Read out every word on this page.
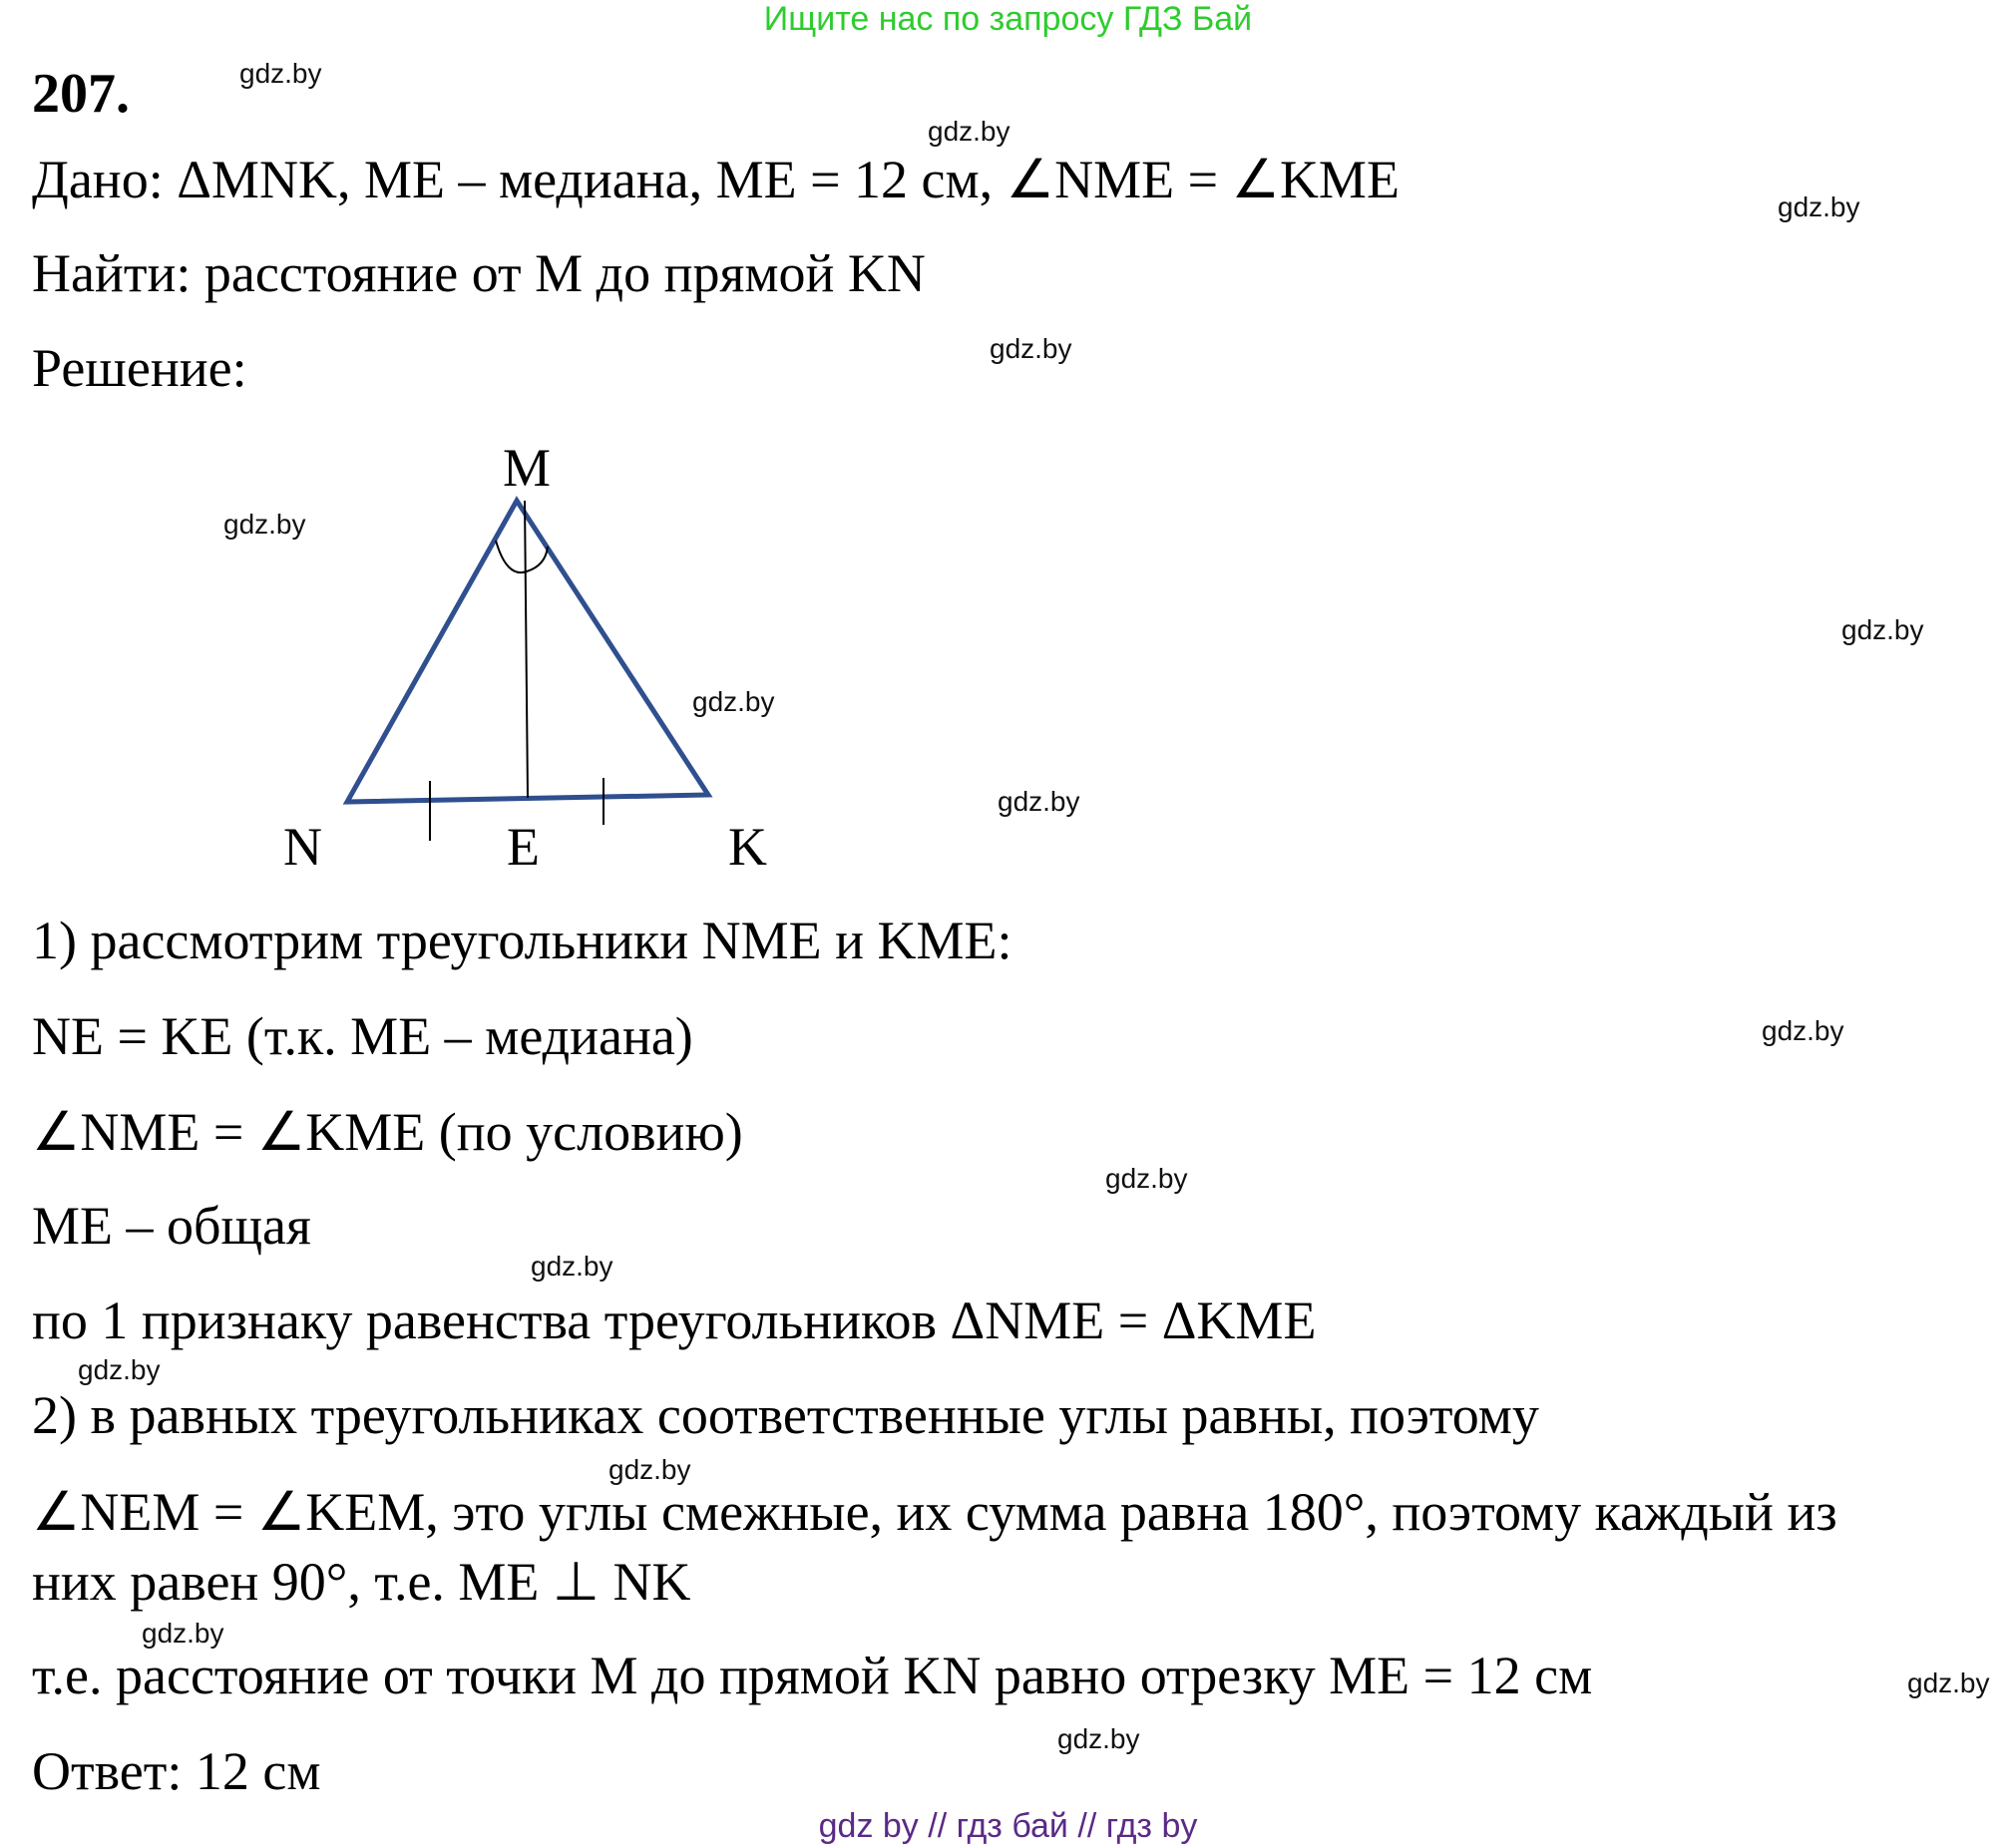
Ищите нас по запросу ГДЗ Бай
207.
Дано: ΔMNK, ME – медиана, ME = 12 см, ∠NME = ∠KME
Найти: расстояние от M до прямой KN
Решение:
M
N	E	K
1) рассмотрим треугольники NME и KME:
NE = KE (т.к. ME – медиана)
∠NME = ∠KME (по условию)
ME – общая
по 1 признаку равенства треугольников ΔNME = ΔKME
2) в равных треугольниках соответственные углы равны, поэтому
∠NEM = ∠KEM, это углы смежные, их сумма равна 180°, поэтому каждый из
них равен 90°, т.е. ME ⊥ NK
т.е. расстояние от точки M до прямой KN равно отрезку ME = 12 см
Ответ: 12 см
gdz.by
gdz.by
gdz.by
gdz.by
gdz.by
gdz.by
gdz.by
gdz.by
gdz.by
gdz.by
gdz.by
gdz.by
gdz.by
gdz.by
gdz.by
gdz.by
gdz by // гдз бай // гдз by
